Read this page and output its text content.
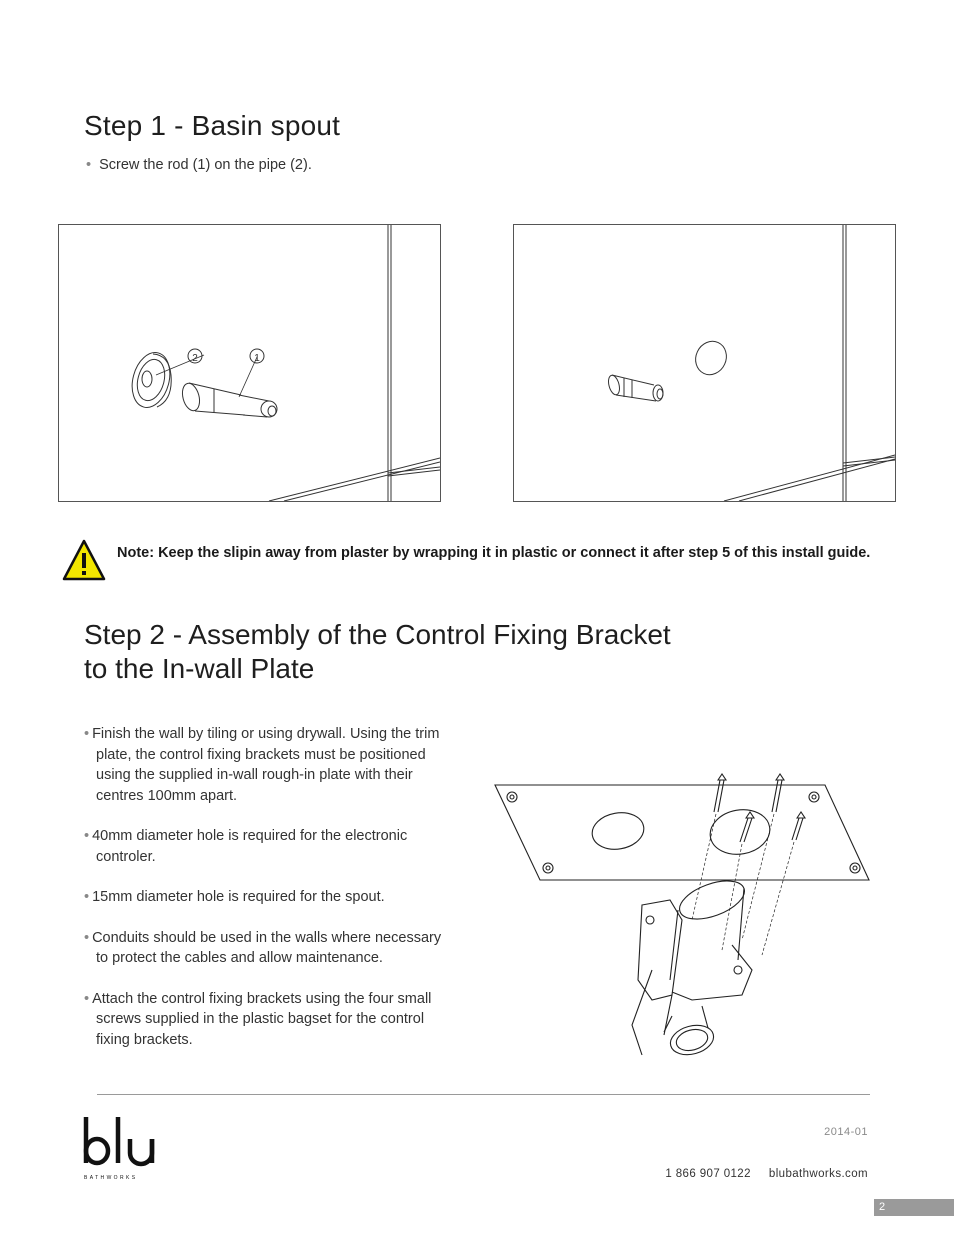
Step 1 - Basin spout
• Screw the rod (1) on the pipe (2).
2	1
Note: Keep the slipin away from plaster by wrapping it in plastic or connect it after step 5 of this install guide.
Step 2 - Assembly of the Control Fixing Bracket
to the In-wall Plate
• Finish the wall by tiling or using drywall. Using the trim plate, the control fixing brackets must be positioned using the supplied in-wall rough-in plate with their centres 100mm apart.
• 40mm diameter hole is required for the electronic controler.
• 15mm diameter hole is required for the spout.
• Conduits should be used in the walls where necessary to protect the cables and allow maintenance.
• Attach the control fixing brackets using the four small screws supplied in the plastic bagset for the control fixing brackets.
BATHWORKS
2014-01
1 866 907 0122 blubathworks.com
2
